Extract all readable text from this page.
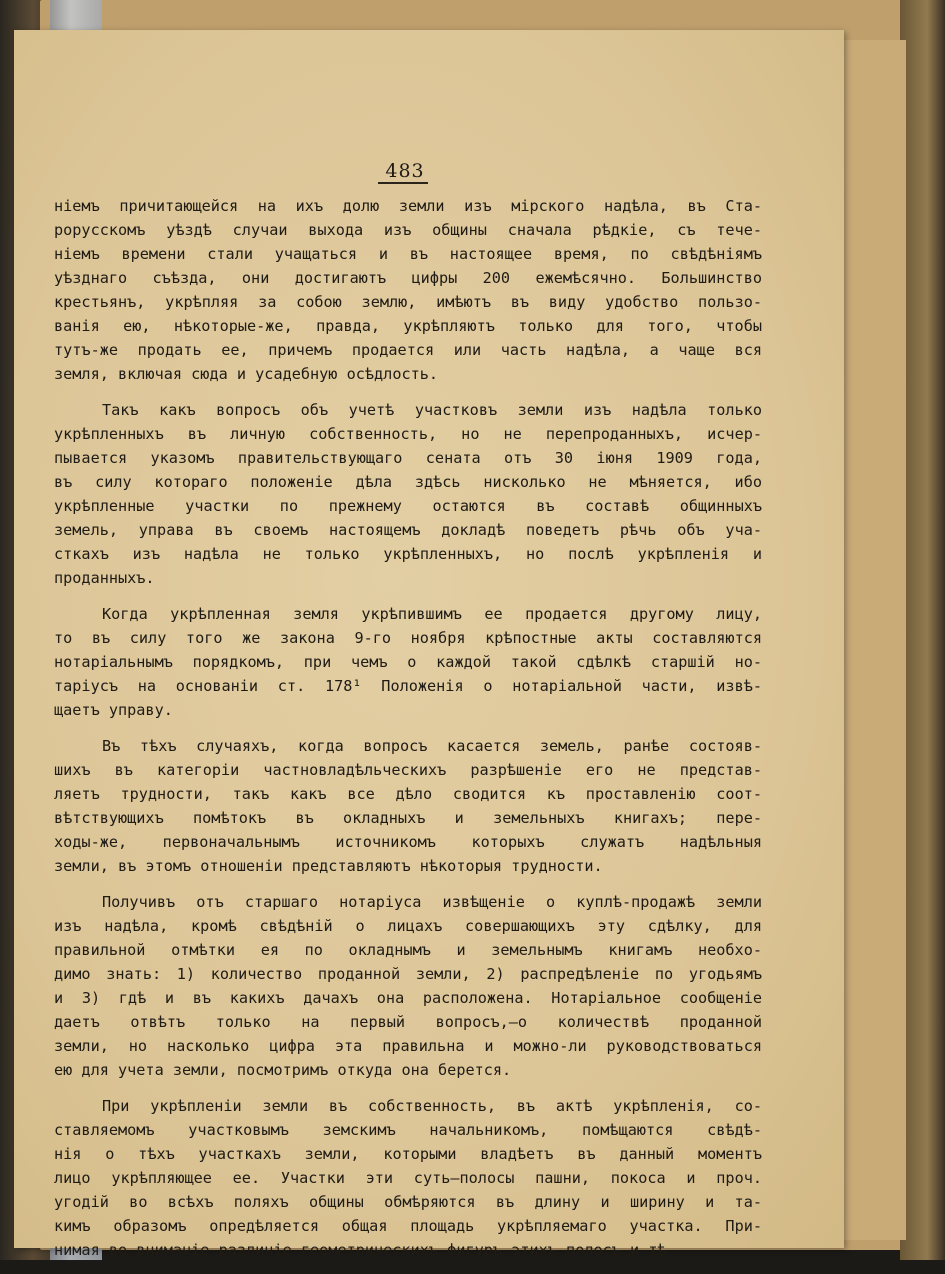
483
ніемъ причитающейся на ихъ долю земли изъ мірского надѣла, въ Ста-
рорусскомъ уѣздѣ случаи выхода изъ общины сначала рѣдкіе, съ тече-
ніемъ времени стали учащаться и въ настоящее время, по свѣдѣніямъ
уѣзднаго съѣзда, они достигаютъ цифры 200 ежемѣсячно. Большинство
крестьянъ, укрѣпляя за собою землю, имѣютъ въ виду удобство пользо-
ванія ею, нѣкоторые-же, правда, укрѣпляютъ только для того, чтобы
тутъ-же продать ее, причемъ продается или часть надѣла, а чаще вся
земля, включая сюда и усадебную осѣдлость.
Такъ какъ вопросъ объ учетѣ участковъ земли изъ надѣла только
укрѣпленныхъ въ личную собственность, но не перепроданныхъ, исчер-
пывается указомъ правительствующаго сената отъ 30 іюня 1909 года,
въ силу котораго положеніе дѣла здѣсь нисколько не мѣняется, ибо
укрѣпленные участки по прежнему остаются въ составѣ общинныхъ
земель, управа въ своемъ настоящемъ докладѣ поведетъ рѣчь объ уча-
сткахъ изъ надѣла не только укрѣпленныхъ, но послѣ укрѣпленія и
проданныхъ.
Когда укрѣпленная земля укрѣпившимъ ее продается другому лицу,
то въ силу того же закона 9-го ноября крѣпостные акты составляются
нотаріальнымъ порядкомъ, при чемъ о каждой такой сдѣлкѣ старшій но-
таріусъ на основаніи ст. 178¹ Положенія о нотаріальной части, извѣ-
щаетъ управу.
Въ тѣхъ случаяхъ, когда вопросъ касается земель, ранѣе состояв-
шихъ въ категоріи частновладѣльческихъ разрѣшеніе его не представ-
ляетъ трудности, такъ какъ все дѣло сводится къ проставленію соот-
вѣтствующихъ помѣтокъ въ окладныхъ и земельныхъ книгахъ; пере-
ходы-же, первоначальнымъ источникомъ которыхъ служатъ надѣльныя
земли, въ этомъ отношеніи представляютъ нѣкоторыя трудности.
Получивъ отъ старшаго нотаріуса извѣщеніе о куплѣ-продажѣ земли
изъ надѣла, кромѣ свѣдѣній о лицахъ совершающихъ эту сдѣлку, для
правильной отмѣтки ея по окладнымъ и земельнымъ книгамъ необхо-
димо знать: 1) количество проданной земли, 2) распредѣленіе по угодьямъ
и 3) гдѣ и въ какихъ дачахъ она расположена. Нотаріальное сообщеніе
даетъ отвѣтъ только на первый вопросъ,—о количествѣ проданной
земли, но насколько цифра эта правильна и можно-ли руководствоваться
ею для учета земли, посмотримъ откуда она берется.
При укрѣпленіи земли въ собственность, въ актѣ укрѣпленія, со-
ставляемомъ участковымъ земскимъ начальникомъ, помѣщаются свѣдѣ-
нія о тѣхъ участкахъ земли, которыми владѣетъ въ данный моментъ
лицо укрѣпляющее ее. Участки эти суть—полосы пашни, покоса и проч.
угодій во всѣхъ поляхъ общины обмѣряются въ длину и ширину и та-
кимъ образомъ опредѣляется общая площадь укрѣпляемаго участка. При-
нимая во вниманіе различіе геометрическихъ фигуръ этихъ полосъ и тѣ
